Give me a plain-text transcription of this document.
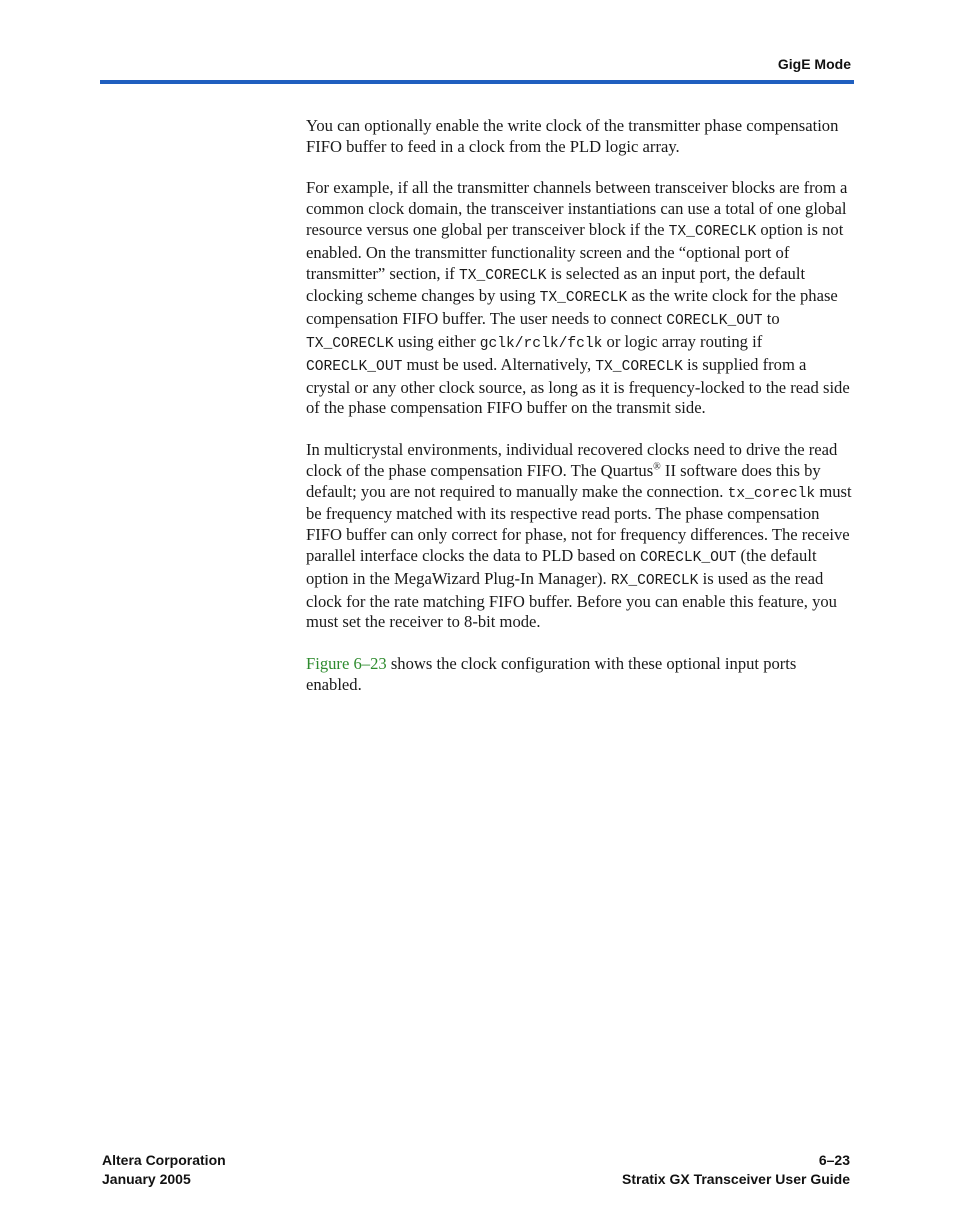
GigE Mode

You can optionally enable the write clock of the transmitter phase compensation FIFO buffer to feed in a clock from the PLD logic array.

For example, if all the transmitter channels between transceiver blocks are from a common clock domain, the transceiver instantiations can use a total of one global resource versus one global per transceiver block if the TX_CORECLK option is not enabled. On the transmitter functionality screen and the “optional port of transmitter” section, if TX_CORECLK is selected as an input port, the default clocking scheme changes by using TX_CORECLK as the write clock for the phase compensation FIFO buffer. The user needs to connect CORECLK_OUT to TX_CORECLK using either gclk/rclk/fclk or logic array routing if CORECLK_OUT must be used. Alternatively, TX_CORECLK is supplied from a crystal or any other clock source, as long as it is frequency-locked to the read side of the phase compensation FIFO buffer on the transmit side.

In multicrystal environments, individual recovered clocks need to drive the read clock of the phase compensation FIFO. The Quartus® II software does this by default; you are not required to manually make the connection. tx_coreclk must be frequency matched with its respective read ports. The phase compensation FIFO buffer can only correct for phase, not for frequency differences. The receive parallel interface clocks the data to PLD based on CORECLK_OUT (the default option in the MegaWizard Plug-In Manager). RX_CORECLK is used as the read clock for the rate matching FIFO buffer. Before you can enable this feature, you must set the receiver to 8-bit mode.

Figure 6–23 shows the clock configuration with these optional input ports enabled.

Altera Corporation
January 2005
6–23
Stratix GX Transceiver User Guide
